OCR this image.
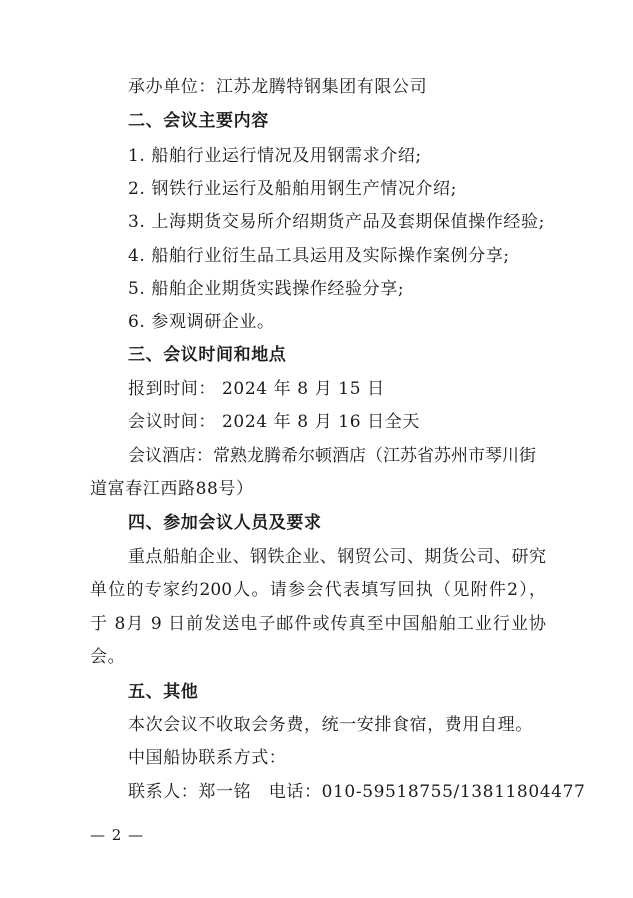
承办单位：江苏龙腾特钢集团有限公司
二、会议主要内容
1. 船舶行业运行情况及用钢需求介绍;
2. 钢铁行业运行及船舶用钢生产情况介绍;
3. 上海期货交易所介绍期货产品及套期保值操作经验;
4. 船舶行业衍生品工具运用及实际操作案例分享;
5. 船舶企业期货实践操作经验分享;
6. 参观调研企业。
三、会议时间和地点
报到时间： 2024 年 8 月 15 日
会议时间： 2024 年 8 月 16 日全天
会议酒店：常熟龙腾希尔顿酒店（江苏省苏州市琴川街
道富春江西路88号）
四、参加会议人员及要求
重点船舶企业、钢铁企业、钢贸公司、期货公司、研究
单位的专家约200人。请参会代表填写回执（见附件2），
于 8月 9 日前发送电子邮件或传真至中国船舶工业行业协
会。
五、其他
本次会议不收取会务费，统一安排食宿，费用自理。
中国船协联系方式：
联系人：郑一铭　电话：010-59518755/13811804477
— 2 —
